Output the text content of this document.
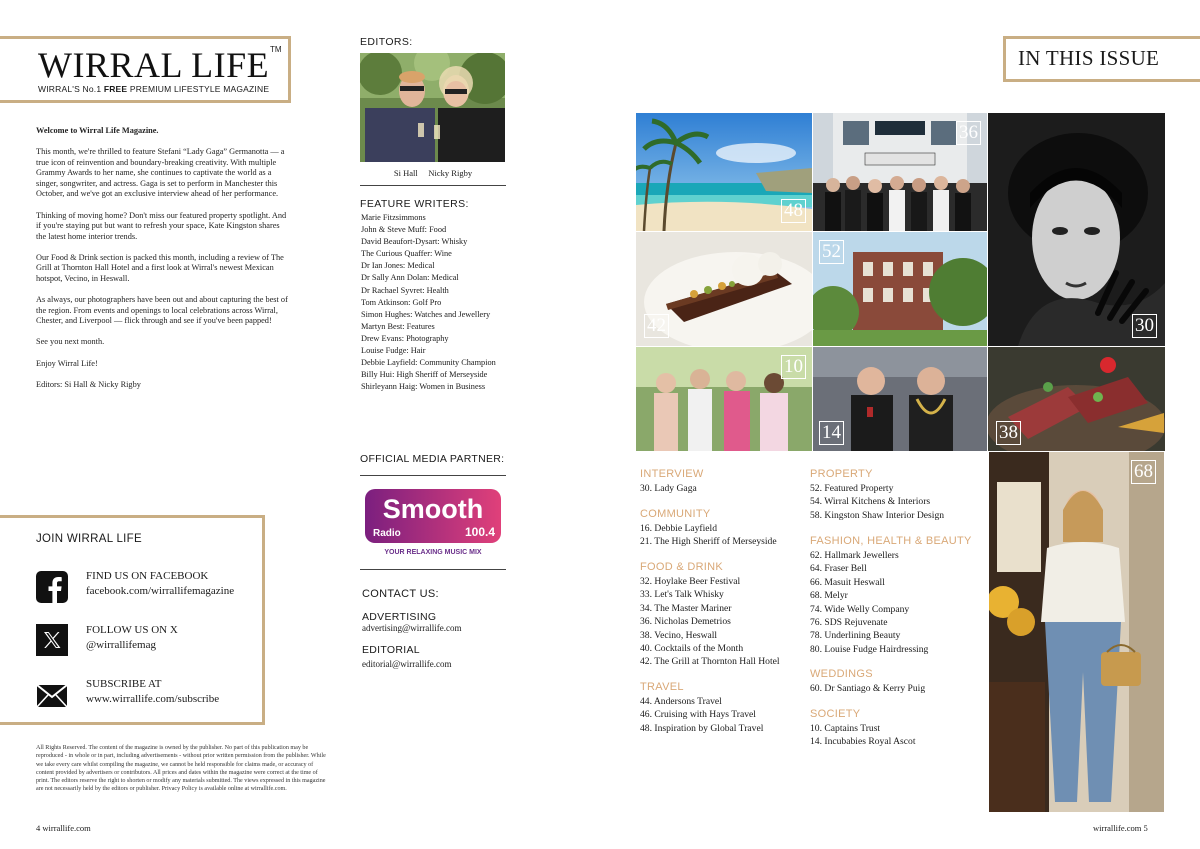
WIRRAL LIFE TM
WIRRAL'S No.1 FREE PREMIUM LIFESTYLE MAGAZINE

Welcome to Wirral Life Magazine.

This month, we're thrilled to feature Stefani “Lady Gaga” Germanotta — a true icon of reinvention and boundary-breaking creativity. With multiple Grammy Awards to her name, she continues to captivate the world as a singer, songwriter, and actress. Gaga is set to perform in Manchester this October, and we've got an exclusive interview ahead of her performance.

Thinking of moving home? Don't miss our featured property spotlight. And if you're staying put but want to refresh your space, Kate Kingston shares the latest home interior trends.

Our Food & Drink section is packed this month, including a review of The Grill at Thornton Hall Hotel and a first look at Wirral's newest Mexican hotspot, Vecino, in Heswall.

As always, our photographers have been out and about capturing the best of the region. From events and openings to local celebrations across Wirral, Chester, and Liverpool — flick through and see if you've been papped!

See you next month.

Enjoy Wirral Life!

Editors: Si Hall & Nicky Rigby

EDITORS:
Si Hall     Nicky Rigby
FEATURE WRITERS:
Marie Fitzsimmons
John & Steve Muff: Food
David Beaufort-Dysart: Whisky
The Curious Quaffer: Wine
Dr Ian Jones: Medical
Dr Sally Ann Dolan: Medical
Dr Rachael Syvret: Health
Tom Atkinson: Golf Pro
Simon Hughes: Watches and Jewellery
Martyn Best: Features
Drew Evans: Photography
Louise Fudge: Hair
Debbie Layfield: Community Champion
Billy Hui: High Sheriff of Merseyside
Shirleyann Haig: Women in Business
OFFICIAL MEDIA PARTNER:
Smooth
Radio	100.4
YOUR RELAXING MUSIC MIX
CONTACT US:
ADVERTISING
advertising@wirrallife.com
EDITORIAL
editorial@wirrallife.com
JOIN WIRRAL LIFE
FIND US ON FACEBOOK
facebook.com/wirrallifemagazine
FOLLOW US ON X
@wirrallifemag
SUBSCRIBE AT
www.wirrallife.com/subscribe
All Rights Reserved. The content of the magazine is owned by the publisher. No part of this publication may be reproduced - in whole or in part, including advertisements - without prior written permission from the publisher. While we take every care whilst compiling the magazine, we cannot be held responsible for claims made, or accuracy of content provided by advertisers or contributors. All prices and dates within the magazine were correct at the time of print. The editors reserve the right to shorten or modify any materials submitted. The views expressed in this magazine are not necessarily held by the editors or publisher. Privacy Policy is available online at wirrallife.com.
4 wirrallife.com
IN THIS ISSUE
48
36
30
42
52
10
14	38
68
INTERVIEW
30. Lady Gaga
COMMUNITY
16. Debbie Layfield
21. The High Sheriff of Merseyside
FOOD & DRINK
32. Hoylake Beer Festival
33. Let's Talk Whisky
34. The Master Mariner
36. Nicholas Demetrios
38. Vecino, Heswall
40. Cocktails of the Month
42. The Grill at Thornton Hall Hotel
TRAVEL
44. Andersons Travel
46. Cruising with Hays Travel
48. Inspiration by Global Travel
PROPERTY
52. Featured Property
54. Wirral Kitchens & Interiors
58. Kingston Shaw Interior Design
FASHION, HEALTH & BEAUTY
62. Hallmark Jewellers
64. Fraser Bell
66. Masuit Heswall
68. Melyr
74. Wide Welly Company
76. SDS Rejuvenate
78. Underlining Beauty
80. Louise Fudge Hairdressing
WEDDINGS
60. Dr Santiago & Kerry Puig
SOCIETY
10. Captains Trust
14. Incubabies Royal Ascot
wirrallife.com 5
